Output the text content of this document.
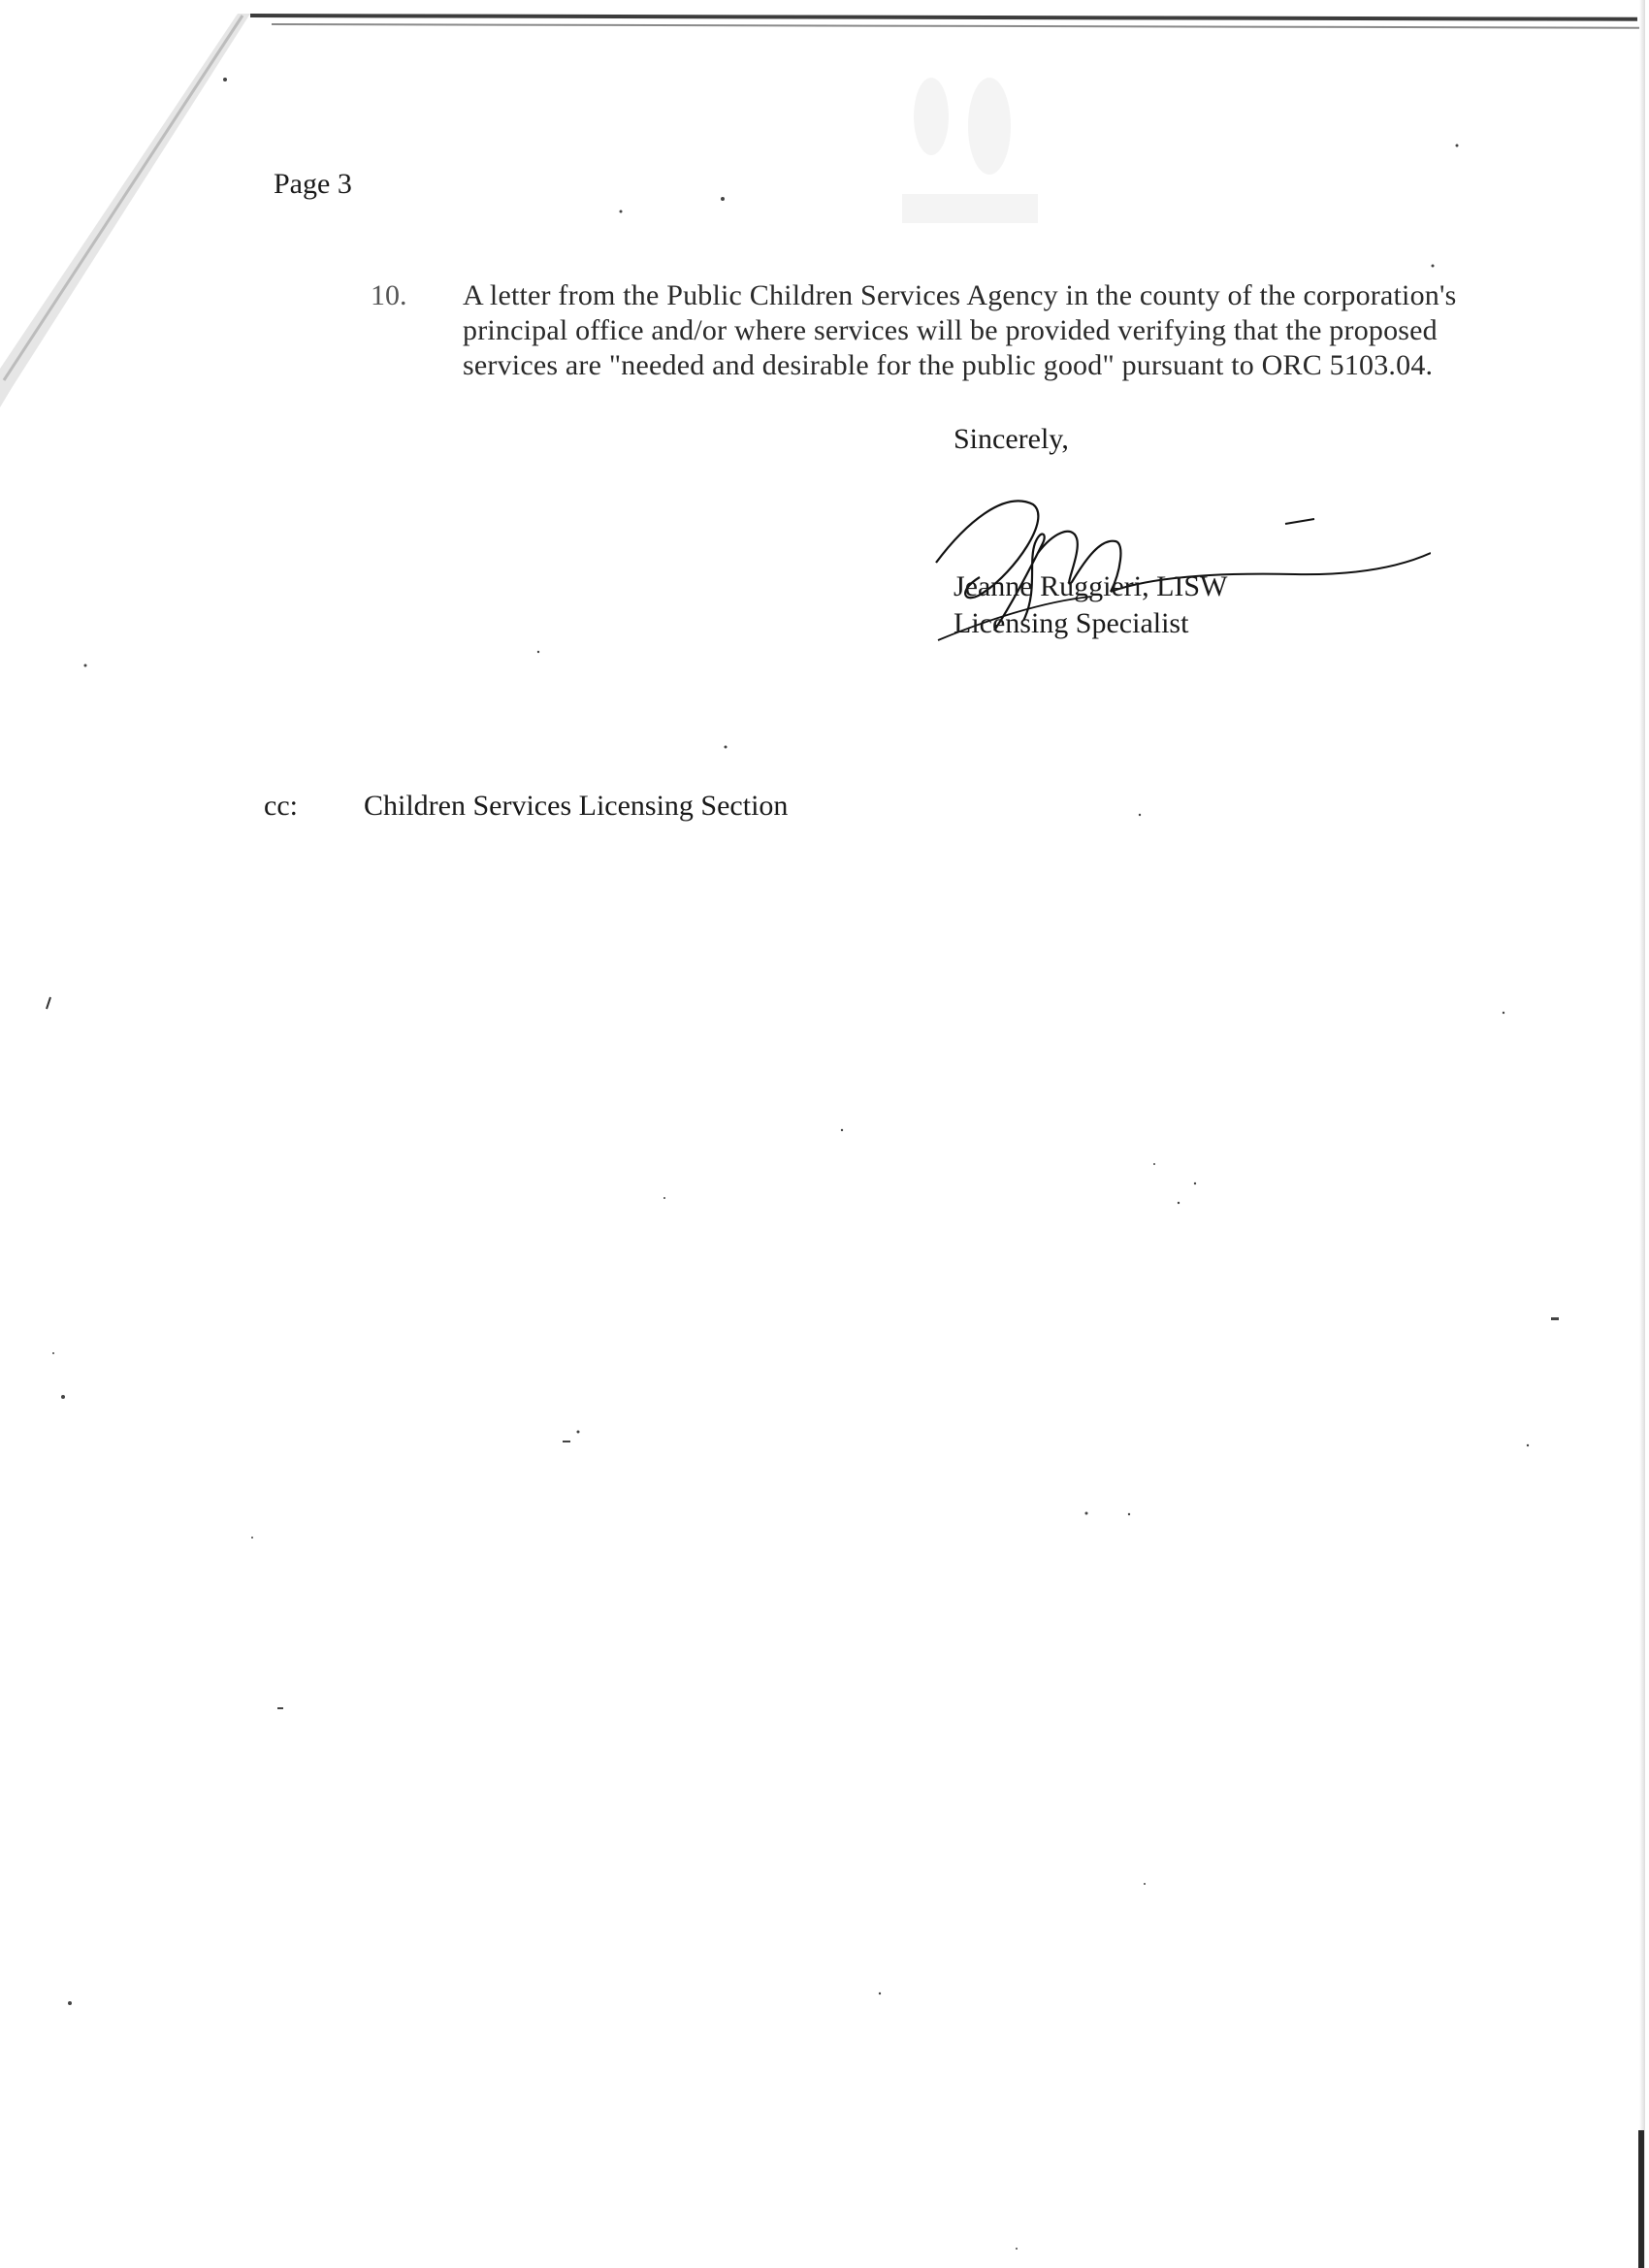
Page 3
10. A letter from the Public Children Services Agency in the county of the corporation's
principal office and/or where services will be provided verifying that the proposed
services are "needed and desirable for the public good" pursuant to ORC 5103.04.
Sincerely,
Jeanne Ruggieri, LISW
Licensing Specialist
cc: Children Services Licensing Section
